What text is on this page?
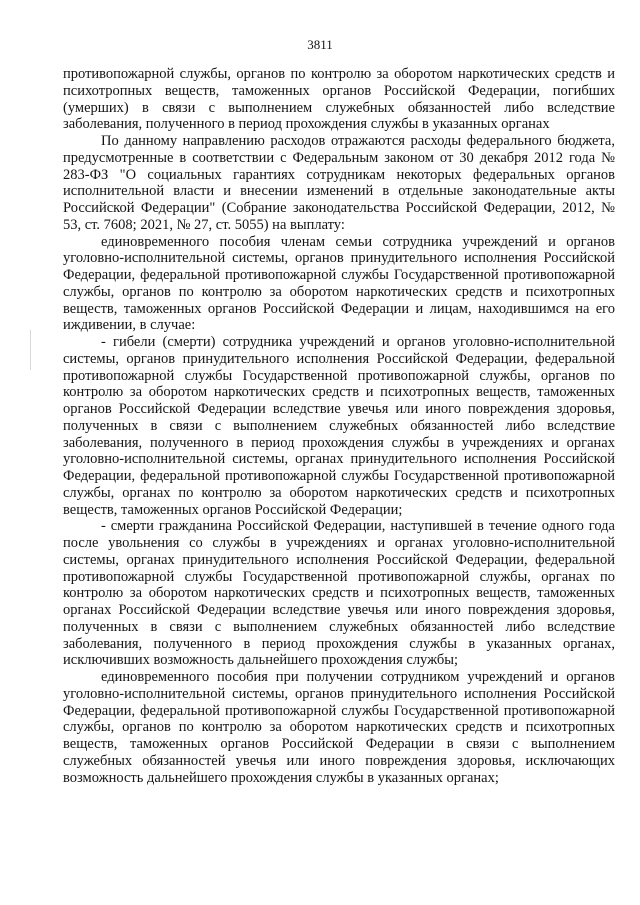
3811

противопожарной службы, органов по контролю за оборотом наркотических средств и психотропных веществ, таможенных органов Российской Федерации, погибших (умерших) в связи с выполнением служебных обязанностей либо вследствие заболевания, полученного в период прохождения службы в указанных органах

По данному направлению расходов отражаются расходы федерального бюджета, предусмотренные в соответствии с Федеральным законом от 30 декабря 2012 года № 283-ФЗ "О социальных гарантиях сотрудникам некоторых федеральных органов исполнительной власти и внесении изменений в отдельные законодательные акты Российской Федерации" (Собрание законодательства Российской Федерации, 2012, № 53, ст. 7608; 2021, № 27, ст. 5055) на выплату:

единовременного пособия членам семьи сотрудника учреждений и органов уголовно-исполнительной системы, органов принудительного исполнения Российской Федерации, федеральной противопожарной службы Государственной противопожарной службы, органов по контролю за оборотом наркотических средств и психотропных веществ, таможенных органов Российской Федерации и лицам, находившимся на его иждивении, в случае:

- гибели (смерти) сотрудника учреждений и органов уголовно-исполнительной системы, органов принудительного исполнения Российской Федерации, федеральной противопожарной службы Государственной противопожарной службы, органов по контролю за оборотом наркотических средств и психотропных веществ, таможенных органов Российской Федерации вследствие увечья или иного повреждения здоровья, полученных в связи с выполнением служебных обязанностей либо вследствие заболевания, полученного в период прохождения службы в учреждениях и органах уголовно-исполнительной системы, органах принудительного исполнения Российской Федерации, федеральной противопожарной службы Государственной противопожарной службы, органах по контролю за оборотом наркотических средств и психотропных веществ, таможенных органов Российской Федерации;

- смерти гражданина Российской Федерации, наступившей в течение одного года после увольнения со службы в учреждениях и органах уголовно-исполнительной системы, органах принудительного исполнения Российской Федерации, федеральной противопожарной службы Государственной противопожарной службы, органах по контролю за оборотом наркотических средств и психотропных веществ, таможенных органах Российской Федерации вследствие увечья или иного повреждения здоровья, полученных в связи с выполнением служебных обязанностей либо вследствие заболевания, полученного в период прохождения службы в указанных органах, исключивших возможность дальнейшего прохождения службы;

единовременного пособия при получении сотрудником учреждений и органов уголовно-исполнительной системы, органов принудительного исполнения Российской Федерации, федеральной противопожарной службы Государственной противопожарной службы, органов по контролю за оборотом наркотических средств и психотропных веществ, таможенных органов Российской Федерации в связи с выполнением служебных обязанностей увечья или иного повреждения здоровья, исключающих возможность дальнейшего прохождения службы в указанных органах;
